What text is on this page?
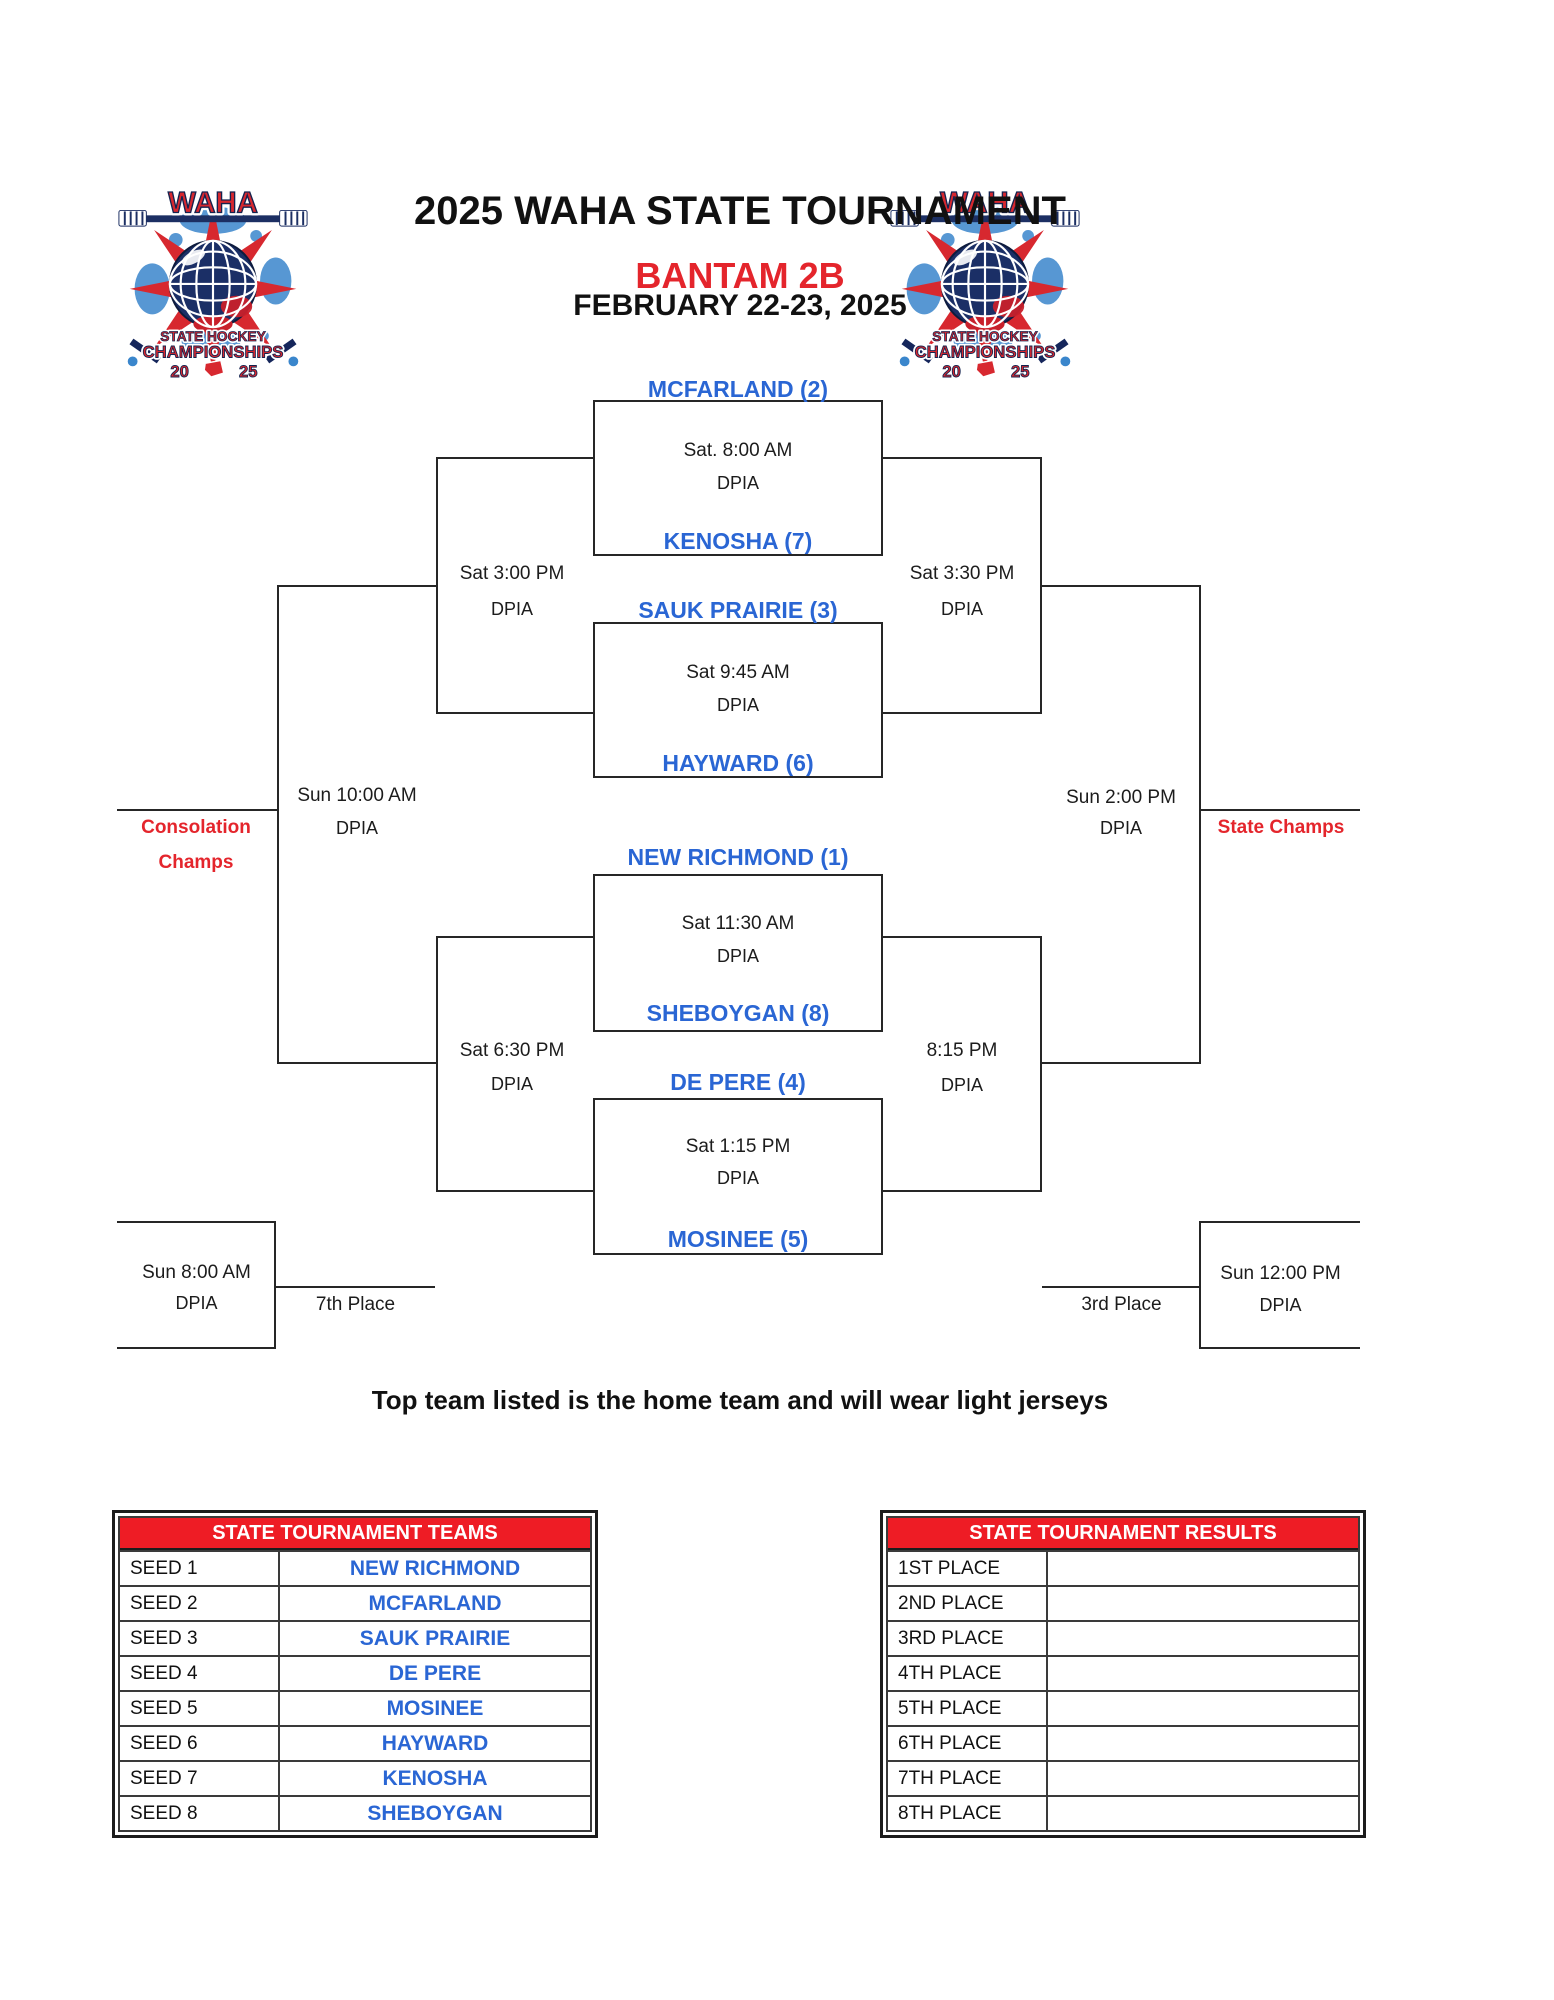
2025 WAHA STATE TOURNAMENT
BANTAM 2B
FEBRUARY 22-23, 2025
MCFARLAND (2)
Sat. 8:00 AM
DPIA
KENOSHA (7)
SAUK PRAIRIE (3)
Sat 9:45 AM
DPIA
HAYWARD (6)
NEW RICHMOND (1)
Sat 11:30 AM
DPIA
SHEBOYGAN (8)
DE PERE (4)
Sat 1:15 PM
DPIA
MOSINEE (5)
Sat 3:00 PM
DPIA
Sat 3:30 PM
DPIA
Sat 6:30 PM
DPIA
8:15 PM
DPIA
Sun 10:00 AM
DPIA
Consolation
Champs
Sun 2:00 PM
DPIA	State Champs
Sun 8:00 AM
DPIA	7th Place	3rd Place
Sun 12:00 PM
DPIA
Top team listed is the home team and will wear light jerseys
STATE TOURNAMENT TEAMS
SEED 1	NEW RICHMOND
SEED 2	MCFARLAND
SEED 3	SAUK PRAIRIE
SEED 4	DE PERE
SEED 5	MOSINEE
SEED 6	HAYWARD
SEED 7	KENOSHA
SEED 8	SHEBOYGAN
STATE TOURNAMENT RESULTS
1ST PLACE
2ND PLACE
3RD PLACE
4TH PLACE
5TH PLACE
6TH PLACE
7TH PLACE
8TH PLACE
